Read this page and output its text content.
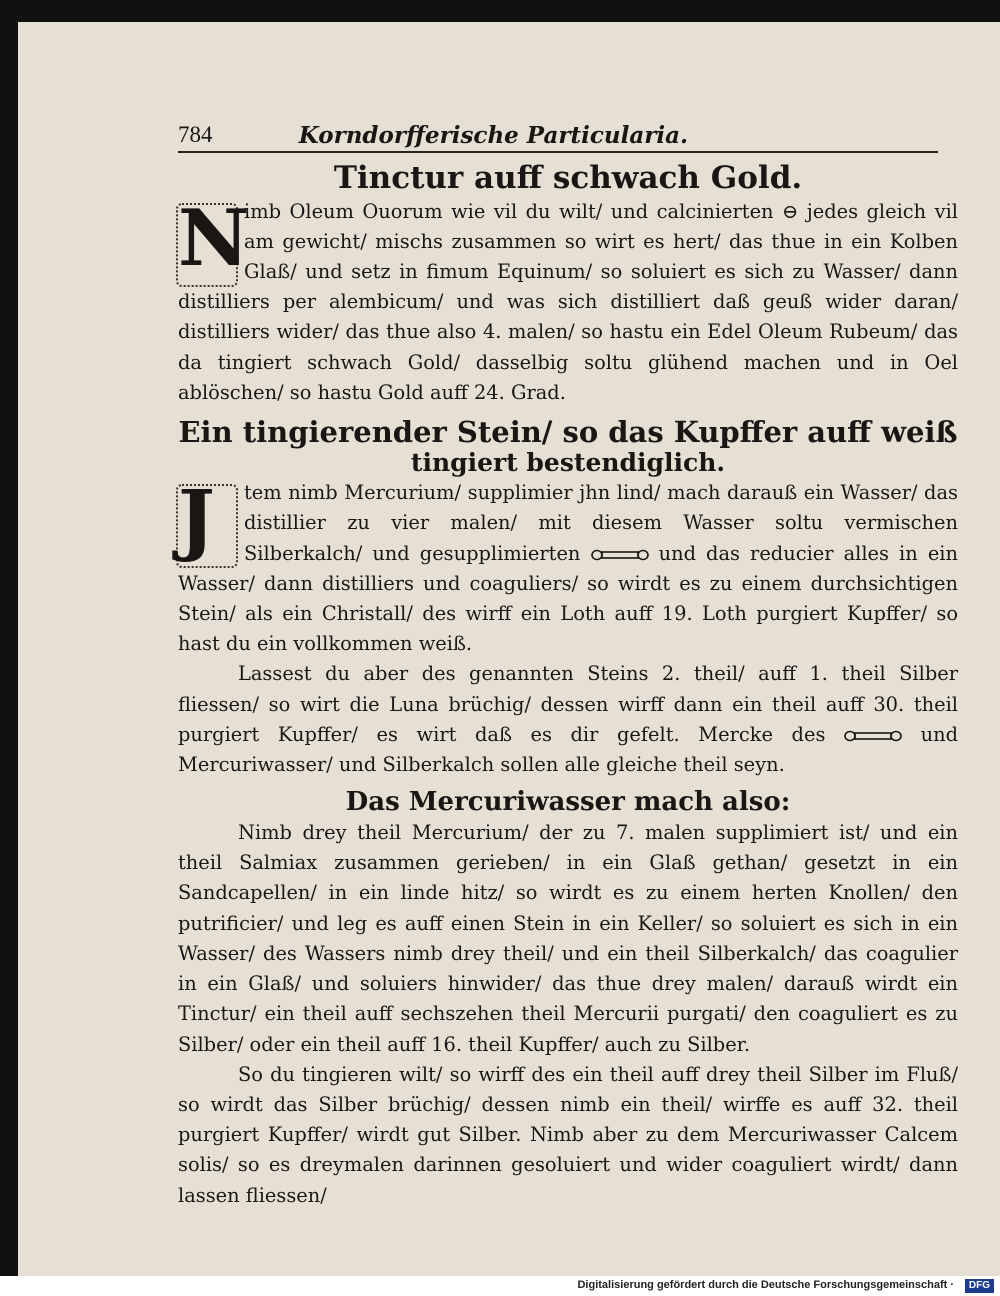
784	Korndorfferische Particularia.
Tinctur auff schwach Gold.
N

imb Oleum Ouorum wie vil du wilt/ und calcinierten ⊖ jedes gleich vil am gewicht/ mischs zusammen so wirt es hert/ das thue in ein Kolben Glaß/ und setz in fimum Equinum/ so soluiert es sich zu Wasser/ dann distilliers per alembicum/ und was sich distilliert daß geuß wider daran/ distilliers wider/ das thue also 4. malen/ so hastu ein Edel Oleum Rubeum/ das da tingiert schwach Gold/ dasselbig soltu glühend machen und in Oel ablöschen/ so hastu Gold auff 24. Grad.

Ein tingierender Stein/ so das Kupffer auff weiß
tingiert bestendiglich.
J	tem nimb Mercurium/ supplimier jhn lind/ mach darauß ein Wasser/ das distillier zu vier malen/ mit diesem Wasser soltu vermischen Silberkalch/ und gesupplimierten	und das reducier alles in ein Wasser/ dann distilliers und coaguliers/ so wirdt es zu einem durchsichtigen Stein/ als ein Christall/ des wirff ein Loth auff 19. Loth purgiert Kupffer/ so hast du ein vollkommen weiß.

Lassest du aber des genannten Steins 2. theil/ auff 1. theil Silber fliessen/ so wirt die Luna brüchig/ dessen wirff dann ein theil auff 30. theil purgiert Kupffer/ es wirt daß es dir gefelt. Mercke des	und Mercuriwasser/ und Silberkalch sollen alle gleiche theil seyn.

Das Mercuriwasser mach also:

Nimb drey theil Mercurium/ der zu 7. malen supplimiert ist/ und ein theil Salmiax zusammen gerieben/ in ein Glaß gethan/ gesetzt in ein Sandcapellen/ in ein linde hitz/ so wirdt es zu einem herten Knollen/ den putrificier/ und leg es auff einen Stein in ein Keller/ so soluiert es sich in ein Wasser/ des Wassers nimb drey theil/ und ein theil Silberkalch/ das coagulier in ein Glaß/ und soluiers hinwider/ das thue drey malen/ darauß wirdt ein Tinctur/ ein theil auff sechszehen theil Mercurii purgati/ den coaguliert es zu Silber/ oder ein theil auff 16. theil Kupffer/ auch zu Silber.

So du tingieren wilt/ so wirff des ein theil auff drey theil Silber im Fluß/ so wirdt das Silber brüchig/ dessen nimb ein theil/ wirffe es auff 32. theil purgiert Kupffer/ wirdt gut Silber. Nimb aber zu dem Mercuriwasser Calcem solis/ so es dreymalen darinnen gesoluiert und wider coaguliert wirdt/ dann lassen fliessen/

Digitalisierung gefördert durch die Deutsche Forschungsgemeinschaft ·	DFG
